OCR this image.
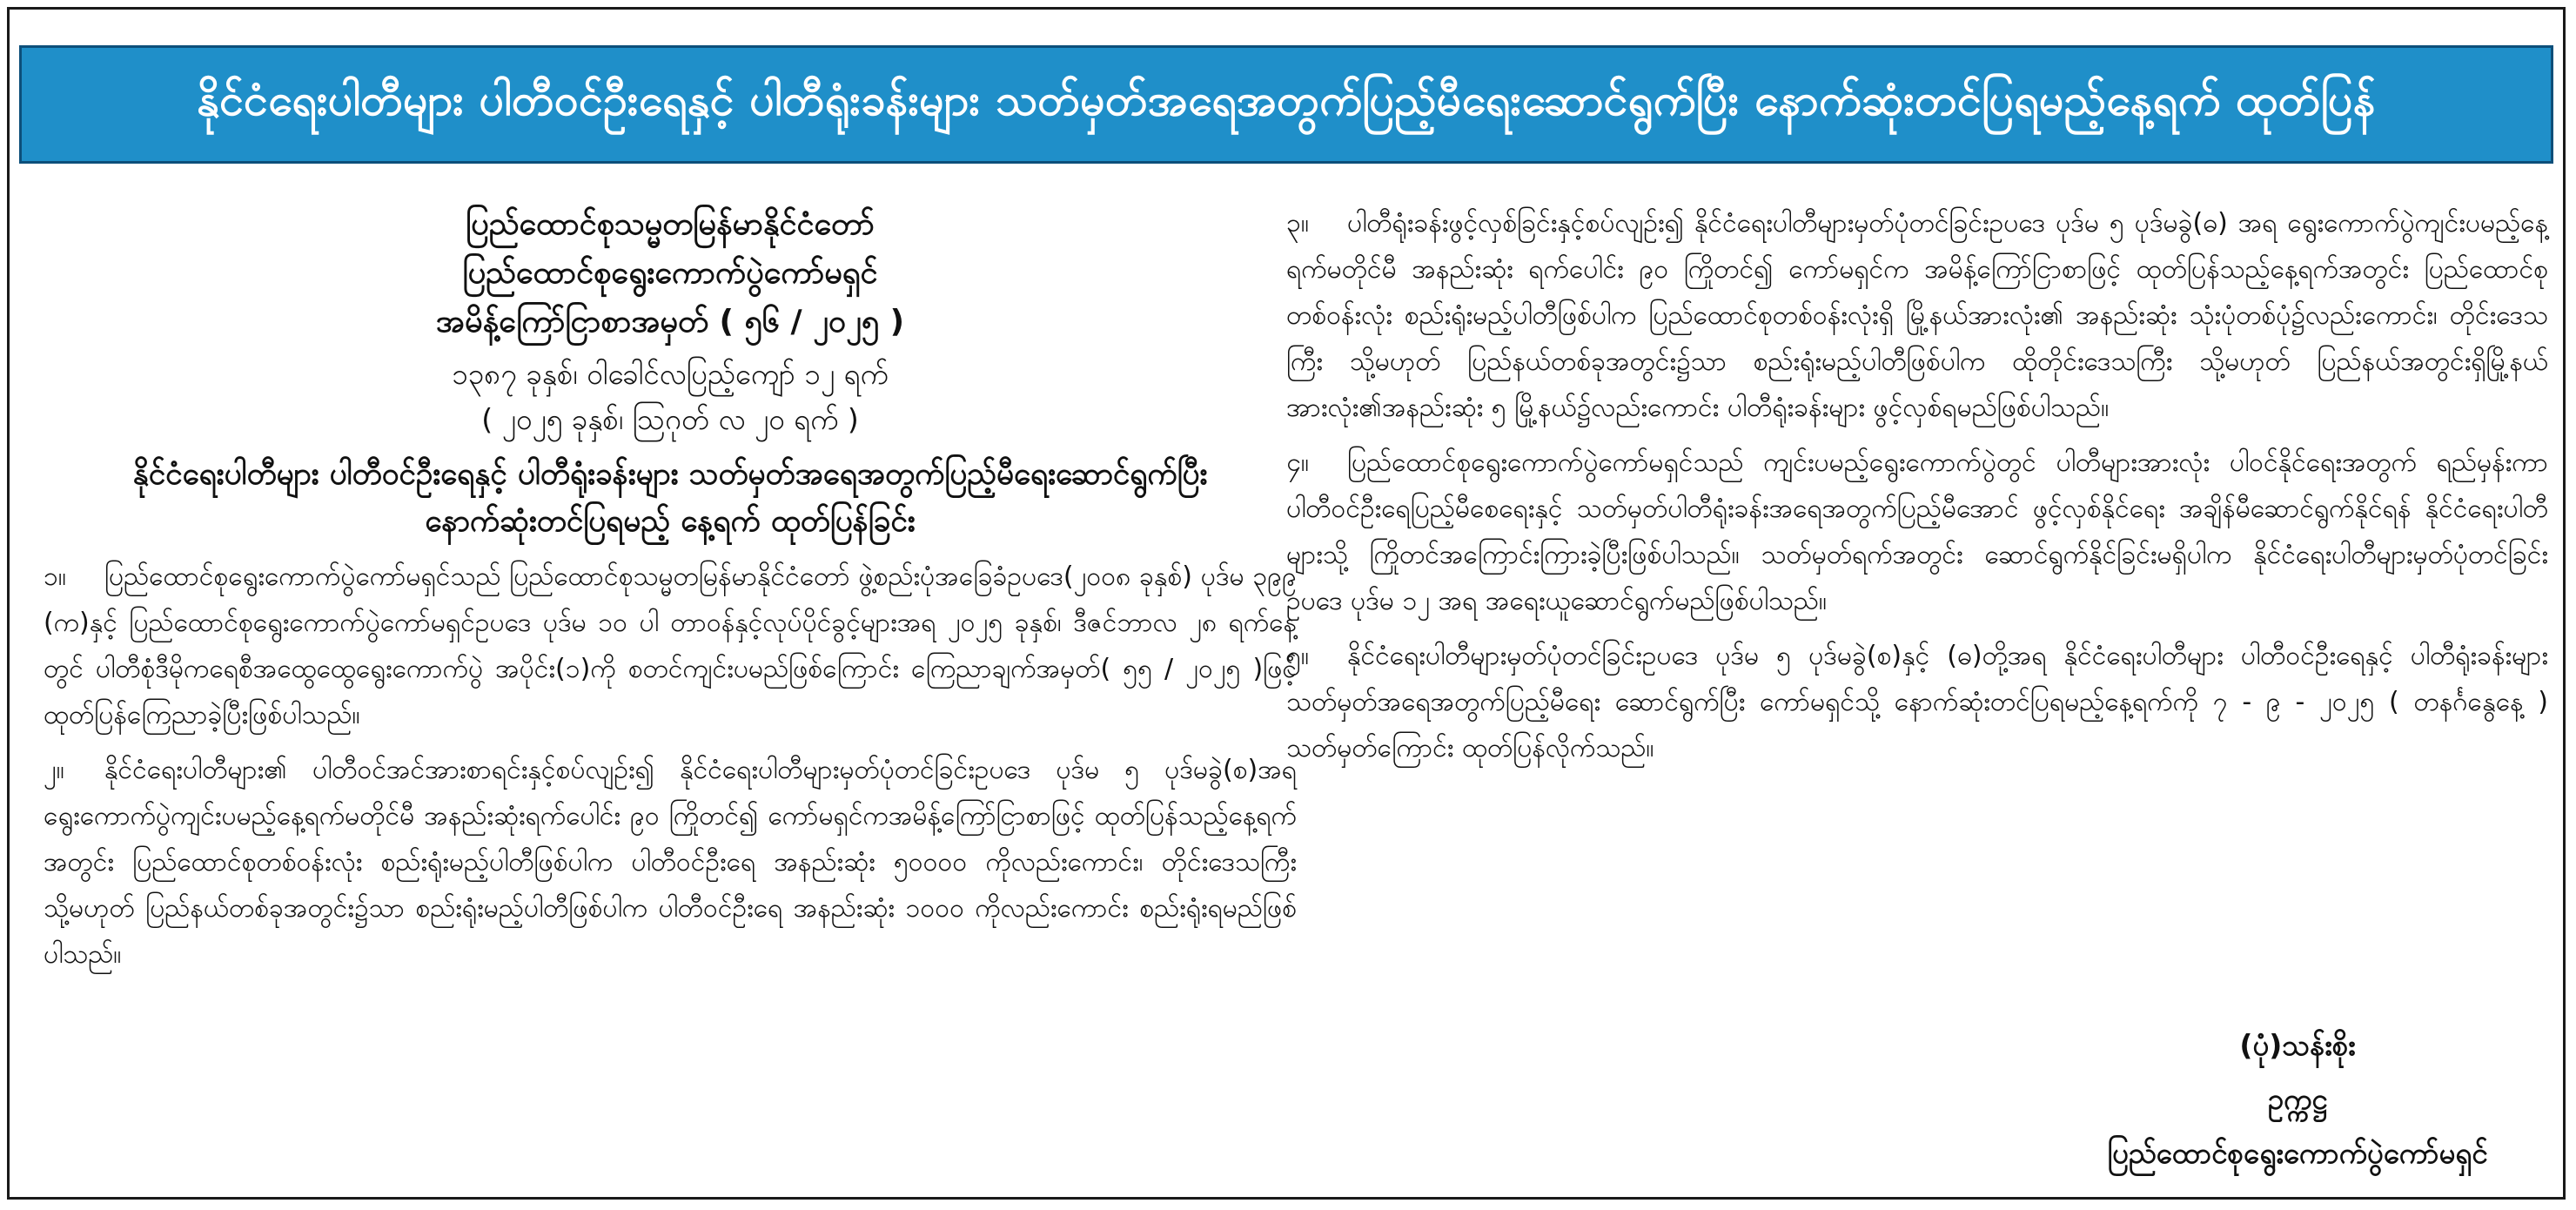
နိုင်ငံရေးပါတီများ ပါတီဝင်ဦးရေနှင့် ပါတီရုံးခန်းများ သတ်မှတ်အရေအတွက်ပြည့်မီရေးဆောင်ရွက်ပြီး နောက်ဆုံးတင်ပြရမည့်နေ့ရက် ထုတ်ပြန်
ပြည်ထောင်စုသမ္မတမြန်မာနိုင်ငံတော်
ပြည်ထောင်စုရွေးကောက်ပွဲကော်မရှင်
အမိန့်ကြော်ငြာစာအမှတ် ( ၅၆ / ၂၀၂၅ )
၁၃၈၇ ခုနှစ်၊ ဝါခေါင်လပြည့်ကျော် ၁၂ ရက်
( ၂၀၂၅ ခုနှစ်၊ သြဂုတ် လ ၂၀ ရက် )
နိုင်ငံရေးပါတီများ ပါတီဝင်ဦးရေနှင့် ပါတီရုံးခန်းများ သတ်မှတ်အရေအတွက်ပြည့်မီရေးဆောင်ရွက်ပြီး
နောက်ဆုံးတင်ပြရမည့် နေ့ရက် ထုတ်ပြန်ခြင်း

၁။ ပြည်ထောင်စုရွေးကောက်ပွဲကော်မရှင်သည် ပြည်ထောင်စုသမ္မတမြန်မာနိုင်ငံတော် ဖွဲ့စည်းပုံအခြေခံဥပဒေ(၂၀၀၈ ခုနှစ်) ပုဒ်မ ၃၉၉ (က)နှင့် ပြည်ထောင်စုရွေးကောက်ပွဲကော်မရှင်ဥပဒေ ပုဒ်မ ၁၀ ပါ တာဝန်နှင့်လုပ်ပိုင်ခွင့်များအရ ၂၀၂၅ ခုနှစ်၊ ဒီဇင်ဘာလ ၂၈ ရက်နေ့တွင် ပါတီစုံဒီမိုကရေစီအထွေထွေရွေးကောက်ပွဲ အပိုင်း(၁)ကို စတင်ကျင်းပမည်ဖြစ်ကြောင်း ကြေညာချက်အမှတ်( ၅၅ / ၂၀၂၅ )ဖြင့် ထုတ်ပြန်ကြေညာခဲ့ပြီးဖြစ်ပါသည်။

၂။ နိုင်ငံရေးပါတီများ၏ ပါတီဝင်အင်အားစာရင်းနှင့်စပ်လျဉ်း၍ နိုင်ငံရေးပါတီများမှတ်ပုံတင်ခြင်းဥပဒေ ပုဒ်မ ၅ ပုဒ်မခွဲ(စ)အရ ရွေးကောက်ပွဲကျင်းပမည့်နေ့ရက်မတိုင်မီ အနည်းဆုံးရက်ပေါင်း ၉၀ ကြိုတင်၍ ကော်မရှင်ကအမိန့်ကြော်ငြာစာဖြင့် ထုတ်ပြန်သည့်နေ့ရက်အတွင်း ပြည်ထောင်စုတစ်ဝန်းလုံး စည်းရုံးမည့်ပါတီဖြစ်ပါက ပါတီဝင်ဦးရေ အနည်းဆုံး ၅၀၀၀၀ ကိုလည်းကောင်း၊ တိုင်းဒေသကြီး သို့မဟုတ် ပြည်နယ်တစ်ခုအတွင်း၌သာ စည်းရုံးမည့်ပါတီဖြစ်ပါက ပါတီဝင်ဦးရေ အနည်းဆုံး ၁၀၀၀ ကိုလည်းကောင်း စည်းရုံးရမည်ဖြစ်ပါသည်။

၃။ ပါတီရုံးခန်းဖွင့်လှစ်ခြင်းနှင့်စပ်လျဉ်း၍ နိုင်ငံရေးပါတီများမှတ်ပုံတင်ခြင်းဥပဒေ ပုဒ်မ ၅ ပုဒ်မခွဲ(ဓ) အရ ရွေးကောက်ပွဲကျင်းပမည့်နေ့ရက်မတိုင်မီ အနည်းဆုံး ရက်ပေါင်း ၉၀ ကြိုတင်၍ ကော်မရှင်က အမိန့်ကြော်ငြာစာဖြင့် ထုတ်ပြန်သည့်နေ့ရက်အတွင်း ပြည်ထောင်စုတစ်ဝန်းလုံး စည်းရုံးမည့်ပါတီဖြစ်ပါက ပြည်ထောင်စုတစ်ဝန်းလုံးရှိ မြို့နယ်အားလုံး၏ အနည်းဆုံး သုံးပုံတစ်ပုံ၌လည်းကောင်း၊ တိုင်းဒေသကြီး သို့မဟုတ် ပြည်နယ်တစ်ခုအတွင်း၌သာ စည်းရုံးမည့်ပါတီဖြစ်ပါက ထိုတိုင်းဒေသကြီး သို့မဟုတ် ပြည်နယ်အတွင်းရှိမြို့နယ်အားလုံး၏အနည်းဆုံး ၅ မြို့နယ်၌လည်းကောင်း ပါတီရုံးခန်းများ ဖွင့်လှစ်ရမည်ဖြစ်ပါသည်။

၄။ ပြည်ထောင်စုရွေးကောက်ပွဲကော်မရှင်သည် ကျင်းပမည့်ရွေးကောက်ပွဲတွင် ပါတီများအားလုံး ပါဝင်နိုင်ရေးအတွက် ရည်မှန်းကာ ပါတီဝင်ဦးရေပြည့်မီစေရေးနှင့် သတ်မှတ်ပါတီရုံးခန်းအရေအတွက်ပြည့်မီအောင် ဖွင့်လှစ်နိုင်ရေး အချိန်မီဆောင်ရွက်နိုင်ရန် နိုင်ငံရေးပါတီများသို့ ကြိုတင်အကြောင်းကြားခဲ့ပြီးဖြစ်ပါသည်။ သတ်မှတ်ရက်အတွင်း ဆောင်ရွက်နိုင်ခြင်းမရှိပါက နိုင်ငံရေးပါတီများမှတ်ပုံတင်ခြင်း ဥပဒေ ပုဒ်မ ၁၂ အရ အရေးယူဆောင်ရွက်မည်ဖြစ်ပါသည်။

၅။ နိုင်ငံရေးပါတီများမှတ်ပုံတင်ခြင်းဥပဒေ ပုဒ်မ ၅ ပုဒ်မခွဲ(စ)နှင့် (ဓ)တို့အရ နိုင်ငံရေးပါတီများ ပါတီဝင်ဦးရေနှင့် ပါတီရုံးခန်းများ သတ်မှတ်အရေအတွက်ပြည့်မီရေး ဆောင်ရွက်ပြီး ကော်မရှင်သို့ နောက်ဆုံးတင်ပြရမည့်နေ့ရက်ကို ၇ - ၉ - ၂၀၂၅ ( တနင်္ဂနွေနေ့ ) သတ်မှတ်ကြောင်း ထုတ်ပြန်လိုက်သည်။

(ပုံ)သန်းစိုး
ဥက္ကဋ္ဌ
ပြည်ထောင်စုရွေးကောက်ပွဲကော်မရှင်
